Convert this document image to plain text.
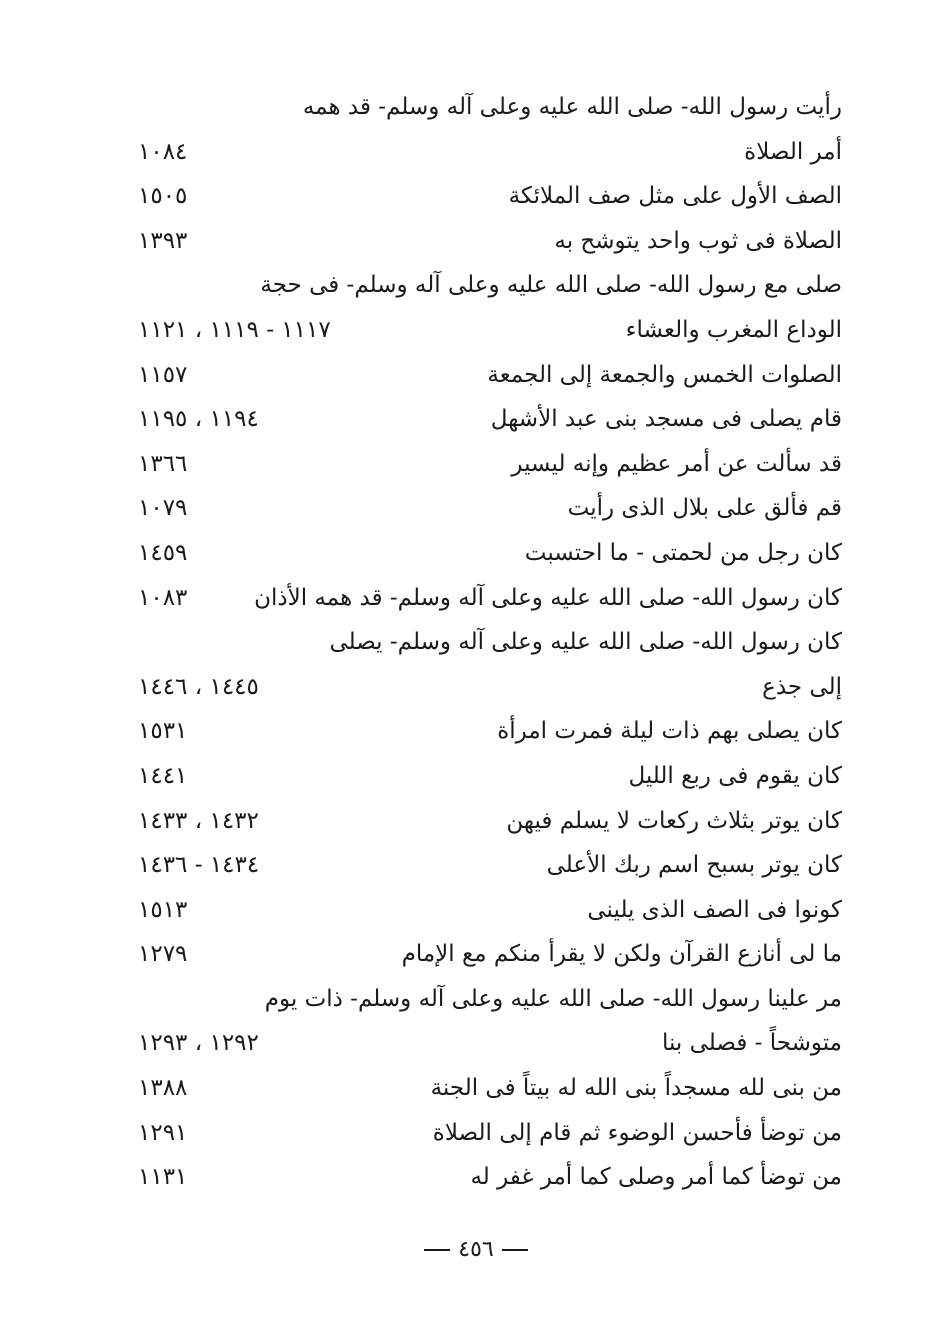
رأيت رسول الله- صلى الله عليه وعلى آله وسلم- قد همه
أمر الصلاة
١٠٨٤
الصف الأول على مثل صف الملائكة
١٥٠٥
الصلاة فى ثوب واحد يتوشح به
١٣٩٣
صلى مع رسول الله- صلى الله عليه وعلى آله وسلم- فى حجة
الوداع المغرب والعشاء
١١١٧ - ١١١٩ ، ١١٢١
الصلوات الخمس والجمعة إلى الجمعة
١١٥٧
قام يصلى فى مسجد بنى عبد الأشهل
١١٩٤ ، ١١٩٥
قد سألت عن أمر عظيم وإنه ليسير
١٣٦٦
قم فألق على بلال الذى رأيت
١٠٧٩
كان رجل من لحمتى - ما احتسبت
١٤٥٩
كان رسول الله- صلى الله عليه وعلى آله وسلم- قد همه الأذان
١٠٨٣
كان رسول الله- صلى الله عليه وعلى آله وسلم- يصلى
إلى جذع
١٤٤٥ ، ١٤٤٦
كان يصلى بهم ذات ليلة فمرت امرأة
١٥٣١
كان يقوم فى ربع الليل
١٤٤١
كان يوتر بثلاث ركعات لا يسلم فيهن
١٤٣٢ ، ١٤٣٣
كان يوتر بسبح اسم ربك الأعلى
١٤٣٤ - ١٤٣٦
كونوا فى الصف الذى يلينى
١٥١٣
ما لى أنازع القرآن ولكن لا يقرأ منكم مع الإمام
١٢٧٩
مر علينا رسول الله- صلى الله عليه وعلى آله وسلم- ذات يوم
متوشحاً - فصلى بنا
١٢٩٢ ، ١٢٩٣
من بنى لله مسجداً بنى الله له بيتاً فى الجنة
١٣٨٨
من توضأ فأحسن الوضوء ثم قام إلى الصلاة
١٢٩١
من توضأ كما أمر وصلى كما أمر غفر له
١١٣١
٤٥٦
